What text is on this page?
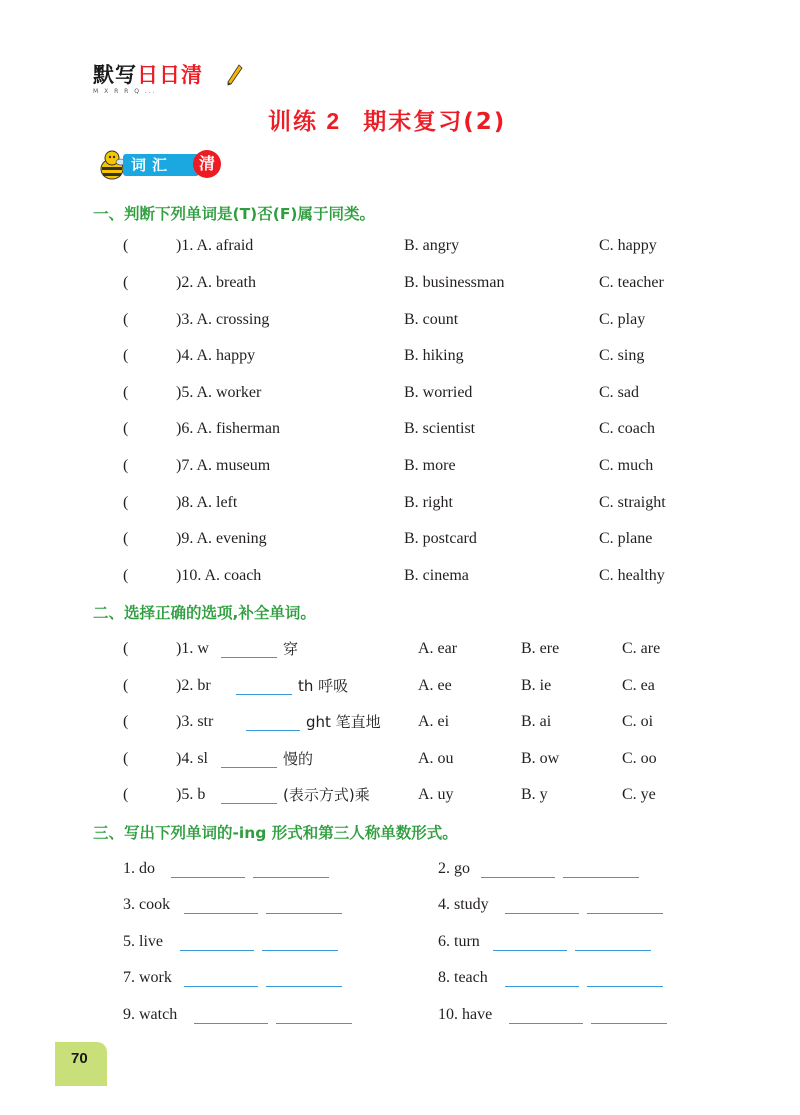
默写日日清
M X R R Q ...
训练 2 期末复习(2)
词汇	清
一、判断下列单词是(T)否(F)属于同类。
(	)1. A. afraid	B. angry	C. happy
(	)2. A. breath	B. businessman	C. teacher
(	)3. A. crossing	B. count	C. play
(	)4. A. happy	B. hiking	C. sing
(	)5. A. worker	B. worried	C. sad
(	)6. A. fisherman	B. scientist	C. coach
(	)7. A. museum	B. more	C. much
(	)8. A. left	B. right	C. straight
(	)9. A. evening	B. postcard	C. plane
(	)10. A. coach	B. cinema	C. healthy
二、选择正确的选项,补全单词。
(	)1. w	穿	A. ear	B. ere	C. are
(	)2. br	th 呼吸	A. ee	B. ie	C. ea
(	)3. str	ght 笔直地 A. ei	B. ai	C. oi
(	)4. sl	慢的	A. ou	B. ow	C. oo
(	)5. b	(表示方式)乘	A. uy	B. y	C. ye
三、写出下列单词的-ing 形式和第三人称单数形式。
1. do	2. go
3. cook	4. study
5. live	6. turn
7. work	8. teach
9. watch	10. have
70
